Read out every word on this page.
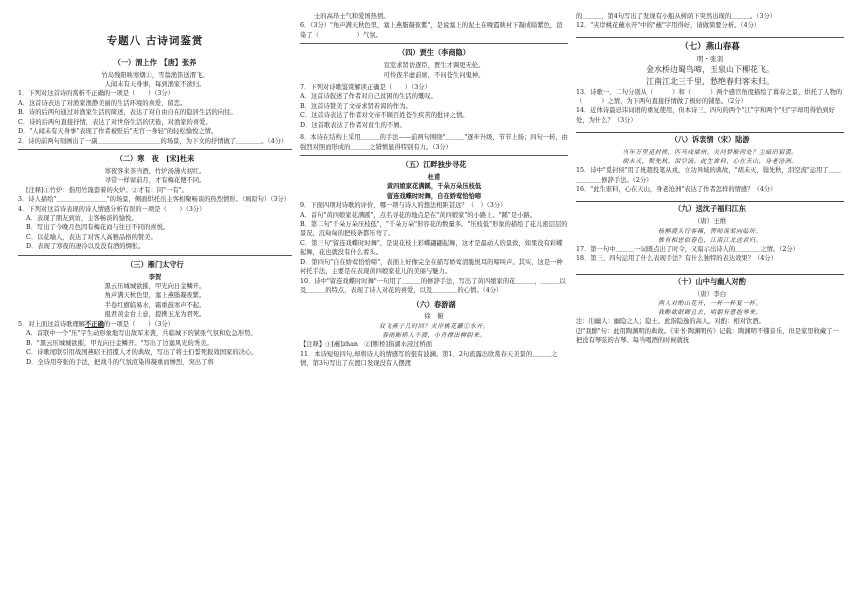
专题八 古诗词鉴赏
（一）渭上作　【唐】张养
竹岛残阳映寒烟①，雪翁渔笛送渭飞。
人闻未有天身事，每到渔家不欲归。
1．下列对这首诗的赏析不正确的一项是（　　）（3分）
A．这首诗表达了对渔家渔静美丽的生活环境的喜爱、留恋。
B．诗的后两句通过对渔家生活的简述，表达了对自由自在的隐居生活的向往。
C．诗的后两句直接抒情，表达了对世俗生活的厌倦，对渔家的喜爱。
D．"人闻未有天身事"表现了作者被贬后"无官一身轻"的轻松愉悦之情。
2．诗的前两句刻画出了一副＿＿＿＿＿＿＿＿＿＿的场景，为下文的抒情做了＿＿＿＿。（4分）
（二）寒　夜　[宋]杜耒
寒夜客来茶当酒，竹炉汤沸火初红。
寻常一样窗前月，才有梅花便不同。
[注释]①竹炉：指用竹篾套着的火炉。②才有：同"一有"。
3．诗人描绘"＿＿＿＿＿＿＿＿"的场景，侧面烘托出主客相聚畅谈的热烈情形。（填原句）（3分）
4．下列对这首诗表现的诗人情感分析有误的一项是（　　）（3分）
A．表现了朋友到访，主客畅谈的愉悦。
B．写出了今晚月色因有梅花而与往日不同的喜悦。
C．以花喻人，表达了对客人高雅品格的赞美。
D．表现了寒夜的凄冷以及没有酒的惆怅。
（三）雁门太守行
李贺
黑云压城城欲摧，甲光向日金鳞开。
角声满天秋色里，塞上燕脂凝夜紫。
半卷红旗临易水，霜重鼓寒声不起。
报君黄金台上意，提携玉龙为君死。
5．对上面这首诗歌理解不正确的一项是（　　）（3分）
A．首联中一个"压"字生动形象地写出敌军来袭，兵临城下的紧张气氛和危急形势。
B．"黑云压城城欲摧，甲光向日金鳞开。"写出了边塞风光的秀美。
C．诗歌尾联引用战国燕昭王招揽人才的典故，写出了将士们誓死报效国家的决心。
D．全诗用夸张的手法，把战斗的气氛渲染得凝重而惨烈，突出了将
士的高昂士气和爱国热情。
6．（3分）"角声满天秋色里，塞上燕脂凝夜紫"，是说塞上的泥土在晚霞映衬下凝成暗紫色，渲染了（　　　　　　）气氛。
（四）贾生（李商隐）
宣室求贤访逐臣，贾生才调更无伦。
可怜夜半虚前席，不问苍生问鬼神。
7．下列对诗歌鉴赏解读正确是（　　）（3分）
A．这首诗叙述了作者对自己贫困的生活的慨叹。
B．这首诗赞美了文帝求贤若渴的作为。
C．这首诗表达了作者对文帝不顾百姓苍生疾苦的批评之情。
D．这首歌表达了作者对贫生的不屑。
8．本诗在结构上采用＿＿＿的手法——前两句围绕"＿＿＿"逐步升级，节节上扬；四句一转，由强烈对照而形成的＿＿＿之错愤显得特别有力。（3分）
（五）江畔独步寻花
杜甫
黄四娘家花满蹊，千朵万朵压枝低
留连戏蝶时时舞，自在娇莺恰恰啼
9．下面四项对诗歌的评价，哪一项与诗人的想法相距甚远？（　）（3分）
A．首句"黄四娘家花满蹊"，点名寻花的地点是在"黄四娘家"的小路上。"蹊"是小路。
B．第二句"千朵万朵压枝低"，"千朵万朵"形容花的数量多。"压枝低"形象的描绘了花儿密层层的景况，沉甸甸的把枝条都压弯了。
C．第三句"留连戏蝶时时舞"，是说花枝上彩蝶翩翩起舞，这才是最动人的景致，如果没有彩蝶起舞，花也就没有什么看头。
D．第四句"自在娇莺恰恰啼"，表面上好像完全在描写娇莺清脆悦耳的啼叫声。其实，这是一种衬托手法，主要是在表现黄四娘家花儿的美丽与魅力。
10．诗中"留连戏蝶时时舞"一句用了＿＿＿的修辞手法，写出了黄四娘家的花＿＿＿，＿＿＿以及＿＿＿的特点，表现了诗人对花的喜爱，以及＿＿＿＿的心情。（4分）
（六）春游湖
徐　俯
双飞燕子几时回？夹岸桃花蘸①水开。
春雨断桥人不渡，小舟撑出柳阴来。
【注释】①[蘸]zhan　②[断桥]指湖水浸过桥面
11．本诗短短四句,却将诗人的情感写的很有波澜。第1、2句流露出欣赏春天美景的＿＿＿之情，第3句写出了在渡口发现没有人摆渡
的＿＿＿，第4句写出了发现有小船从树荫下突然出现的＿＿＿。（3分）
12．"夹岸桃花蘸水开"中的"蘸"字用得好，请做简要分析。（4分）
（七）燕山春暮
明・张羽
金水桥边蜀鸟啼，玉泉山下柳花飞。
江南江北三千里，愁绝春归客未归。
13．诗歌一、二句分别从（　　　）和（　　　）两个感官角度描绘了暮春之景，烘托了人物的（　　　）之情，为下两句直接抒情做了极好的铺垫。（2分）
14．近体诗最忌讳词语的重复使用，但本诗三、四句的两个"江"字和两个"归"字却用得恰到好处，为什么？（3分）
（八）诉衷情（宋）陆游
当年万里觅封侯，匹马戍梁州。关河梦断何处？尘暗旧貂裘。
胡未灭，鬓先秋，泪空流。此生谁料，心在天山，身老沧洲。
15．诗中"觅封侯"用了班超投笔从戎，立功异域的典故，"胡未灭，鬓先秋，泪空流"运用了＿＿＿＿＿＿修辞手法。（2分）
16．"此生谁料，心在天山，身老沧洲"表达了作者怎样的情感？（4分）
（九）送沈子福归江东
（唐）王维
杨柳渡头行客稀，罟师荡桨向临圻。
惟有相思似春色，江南江北送君归。
17．第一句中＿＿＿一词既点出了时令，又暗示出诗人的＿＿＿＿之情。（2分）
18．第三、四句运用了什么表现手法？有什么独特的表达效果？（4分）
（十）山中与幽人对酌
（唐）李白
两人对酌山花开，一杯一杯复一杯。
我醉欲眠卿且去，明朝有意抱琴来。
注：⑴幽人：幽隐之人；隐士。此指隐逸的高人。对酌：相对饮酒。
⑵"我醉"句：此用陶渊明的典故。《宋书·陶渊明传》记载：陶渊明不懂音乐，但是家里收藏了一把没有琴弦的古琴。每当喝酒的时候就抚
